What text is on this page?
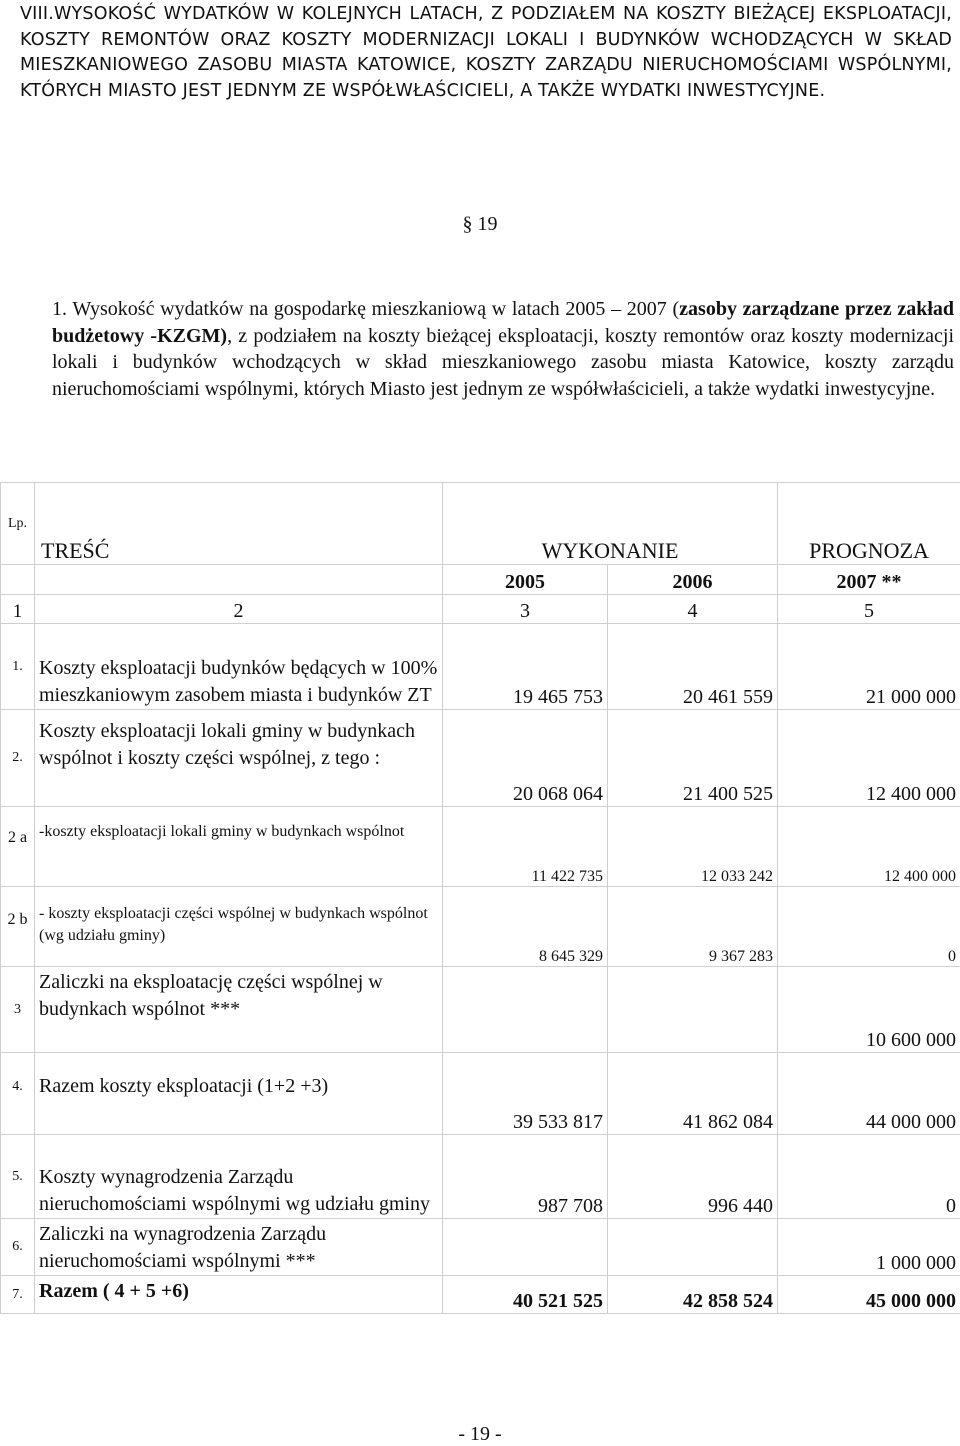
VIII.WYSOKOŚĆ WYDATKÓW W KOLEJNYCH LATACH, Z PODZIAŁEM NA KOSZTY BIEŻĄCEJ EKSPLOATACJI, KOSZTY REMONTÓW ORAZ KOSZTY MODERNIZACJI LOKALI I BUDYNKÓW WCHODZĄCYCH W SKŁAD MIESZKANIOWEGO ZASOBU MIASTA KATOWICE, KOSZTY ZARZĄDU NIERUCHOMOŚCIAMI WSPÓLNYMI, KTÓRYCH MIASTO JEST JEDNYM ZE WSPÓŁWŁAŚCICIELI, A TAKŻE WYDATKI INWESTYCYJNE.
§ 19
1. Wysokość wydatków na gospodarkę mieszkaniową w latach 2005 – 2007 (zasoby zarządzane przez zakład budżetowy -KZGM), z podziałem na koszty bieżącej eksploatacji, koszty remontów oraz koszty modernizacji lokali i budynków wchodzących w skład mieszkaniowego zasobu miasta Katowice, koszty zarządu nieruchomościami wspólnymi, których Miasto jest jednym ze współwłaścicieli, a także wydatki inwestycyjne.
Lp.	TREŚĆ	WYKONANIE		PROGNOZA
		2005	2006	2007 **
1	2	3	4	5
1.	Koszty eksploatacji budynków będących w 100% mieszkaniowym zasobem miasta i budynków ZT	19 465 753	20 461 559	21 000 000
2.	Koszty eksploatacji lokali gminy w budynkach wspólnot i koszty części wspólnej, z tego :	20 068 064	21 400 525	12 400 000
2 a	-koszty eksploatacji lokali gminy w budynkach wspólnot	11 422 735	12 033 242	12 400 000
2 b	- koszty eksploatacji części wspólnej w budynkach wspólnot (wg udziału gminy)	8 645 329	9 367 283	0
3	Zaliczki na eksploatację części wspólnej w budynkach wspólnot ***			10 600 000
4.	Razem koszty eksploatacji (1+2 +3)	39 533 817	41 862 084	44 000 000
5.	Koszty wynagrodzenia Zarządu nieruchomościami wspólnymi wg udziału gminy	987 708	996 440	0
6.	Zaliczki na wynagrodzenia Zarządu nieruchomościami wspólnymi ***			1 000 000
7.	Razem ( 4 + 5 +6)	40 521 525	42 858 524	45 000 000
- 19 -
